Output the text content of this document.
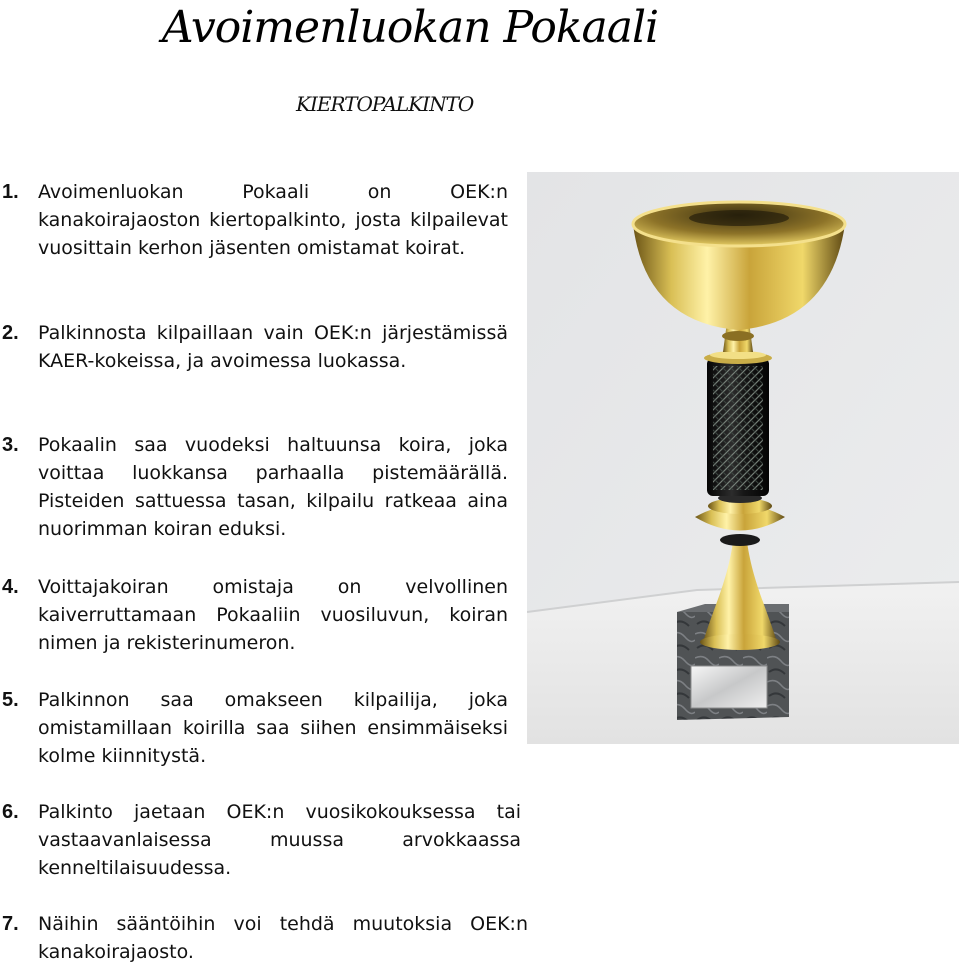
Avoimenluokan Pokaali
KIERTOPALKINTO
1.	Avoimenluokan Pokaali on OEK:n kanakoirajaoston kiertopalkinto, josta kilpailevat vuosittain kerhon jäsenten omistamat koirat.
2.	Palkinnosta kilpaillaan vain OEK:n järjestämissä KAER-kokeissa, ja avoimessa luokassa.
3.	Pokaalin saa vuodeksi haltuunsa koira, joka voittaa luokkansa parhaalla pistemäärällä. Pisteiden sattuessa tasan, kilpailu ratkeaa aina nuorimman koiran eduksi.
4.	Voittajakoiran omistaja on velvollinen kaiverruttamaan Pokaaliin vuosiluvun, koiran nimen ja rekisterinumeron.
5.	Palkinnon saa omakseen kilpailija, joka omistamillaan koirilla saa siihen ensimmäiseksi kolme kiinnitystä.
6.	Palkinto jaetaan OEK:n vuosikokouksessa tai vastaavanlaisessa muussa arvokkaassa kenneltilaisuudessa.
7.	Näihin sääntöihin voi tehdä muutoksia OEK:n kanakoirajaosto.
